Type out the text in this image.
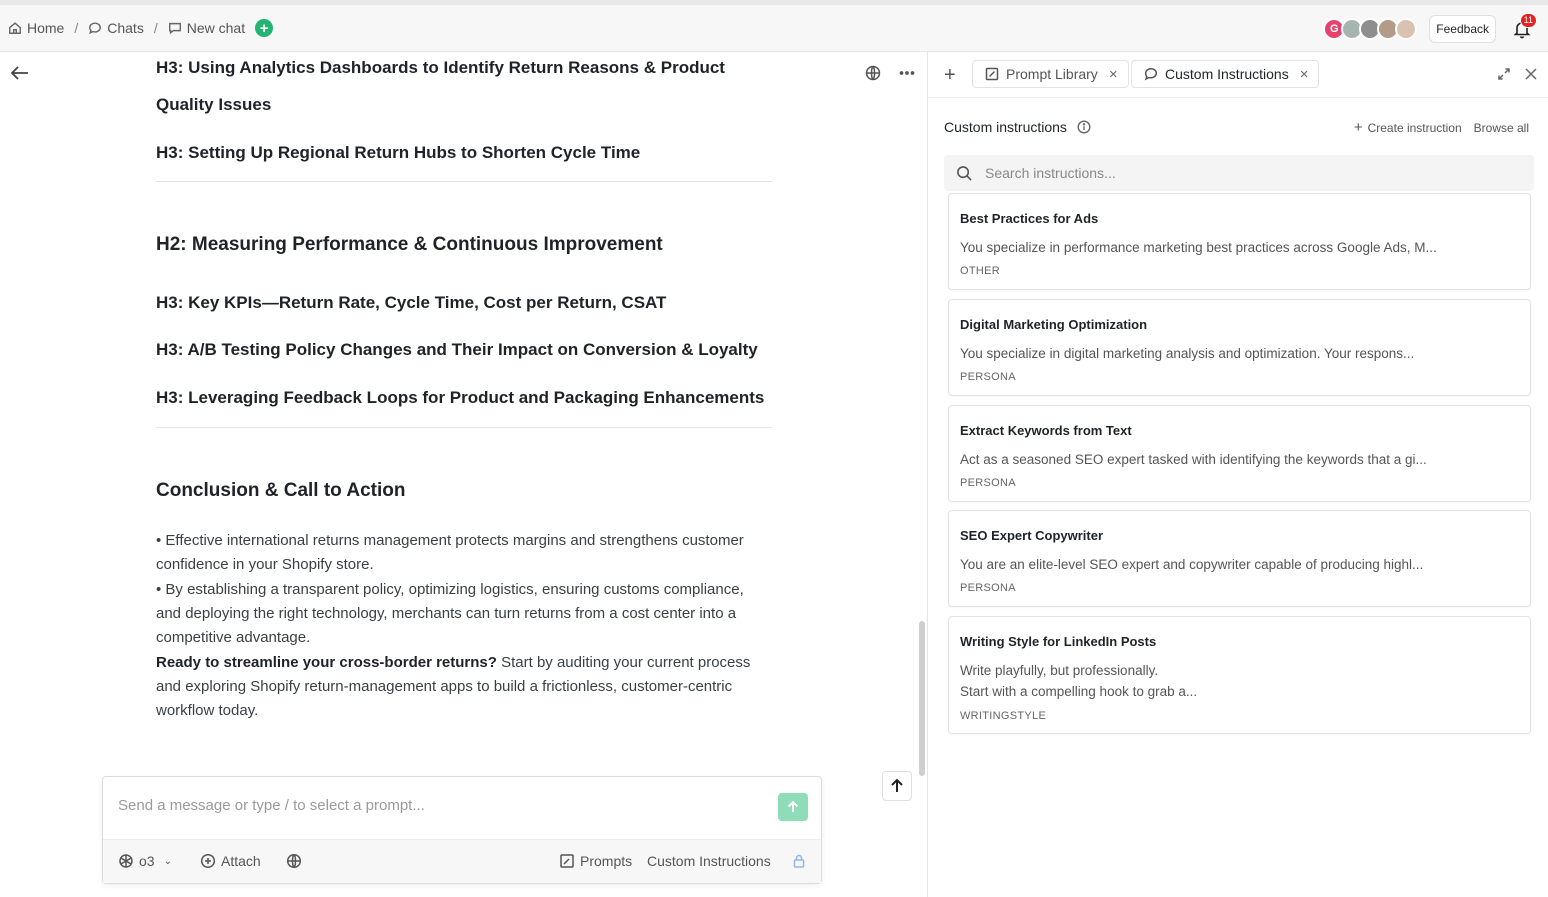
Home / Chats / New chat +	G	Feedback
11
H3: Using Analytics Dashboards to Identify Return Reasons & Product
Quality Issues
H3: Setting Up Regional Return Hubs to Shorten Cycle Time
H2: Measuring Performance & Continuous Improvement
H3: Key KPIs—Return Rate, Cycle Time, Cost per Return, CSAT
H3: A/B Testing Policy Changes and Their Impact on Conversion & Loyalty
H3: Leveraging Feedback Loops for Product and Packaging Enhancements
Conclusion & Call to Action
• Effective international returns management protects margins and strengthens customer confidence in your Shopify store.
• By establishing a transparent policy, optimizing logistics, ensuring customs compliance, and deploying the right technology, merchants can turn returns from a cost center into a competitive advantage.
Ready to streamline your cross-border returns? Start by auditing your current process and exploring Shopify return-management apps to build a frictionless, customer-centric workflow today.
Send a message or type / to select a prompt...
o3 ⌄	Attach	Prompts Custom Instructions
+	Prompt Library ×	Custom Instructions ×
Custom instructions	+ Create instruction Browse all
Search instructions...
Best Practices for Ads
You specialize in performance marketing best practices across Google Ads, M...
OTHER
Digital Marketing Optimization
You specialize in digital marketing analysis and optimization. Your respons...
PERSONA
Extract Keywords from Text
Act as a seasoned SEO expert tasked with identifying the keywords that a gi...
PERSONA
SEO Expert Copywriter
You are an elite-level SEO expert and copywriter capable of producing highl...
PERSONA
Writing Style for LinkedIn Posts
Write playfully, but professionally.
Start with a compelling hook to grab a...
WRITINGSTYLE
